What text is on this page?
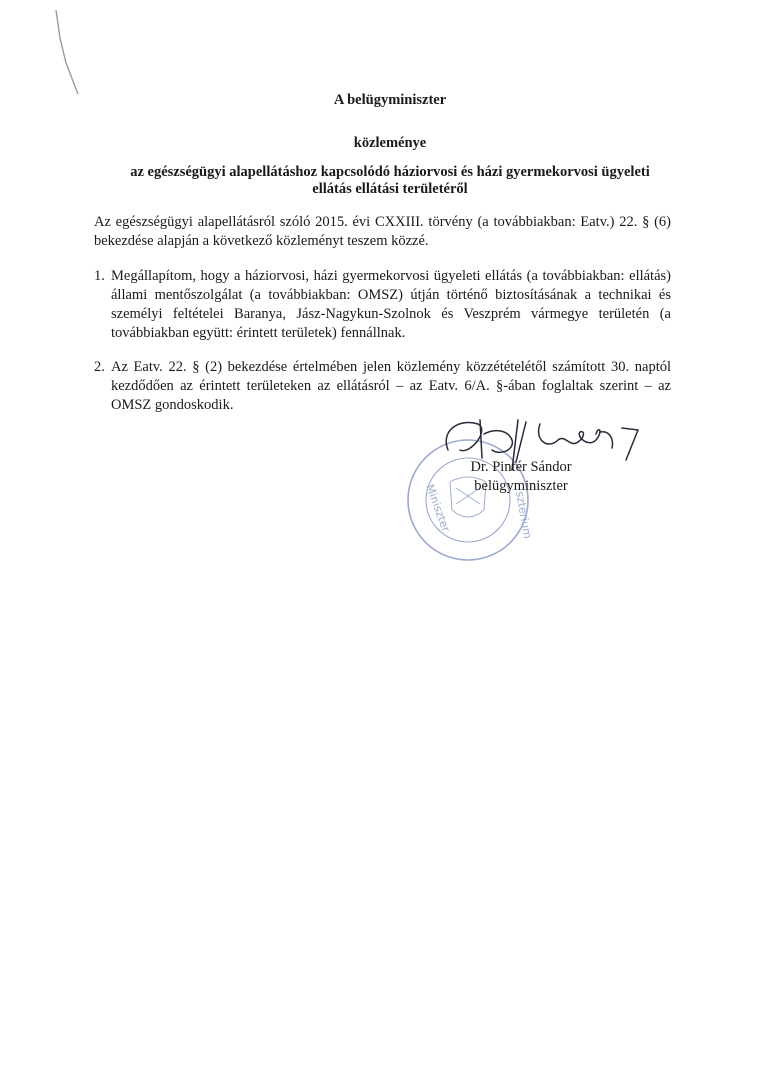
A belügyminiszter
közleménye
az egészségügyi alapellátáshoz kapcsolódó háziorvosi és házi gyermekorvosi ügyeleti
ellátás ellátási területéről

Az egészségügyi alapellátásról szóló 2015. évi CXXIII. törvény (a továbbiakban: Eatv.) 22. § (6) bekezdése alapján a következő közleményt teszem közzé.

1. Megállapítom, hogy a háziorvosi, házi gyermekorvosi ügyeleti ellátás (a továbbiakban: ellátás) állami mentőszolgálat (a továbbiakban: OMSZ) útján történő biztosításának a technikai és személyi feltételei Baranya, Jász-Nagykun-Szolnok és Veszprém vármegye területén (a továbbiakban együtt: érintett területek) fennállnak.

2. Az Eatv. 22. § (2) bekezdése értelmében jelen közlemény közzétételétől számított 30. naptól kezdődően az érintett területeken az ellátásról – az Eatv. 6/A. §-ában foglaltak szerint – az OMSZ gondoskodik.

Miniszter	szterium
Dr. Pintér Sándor
belügyminiszter
